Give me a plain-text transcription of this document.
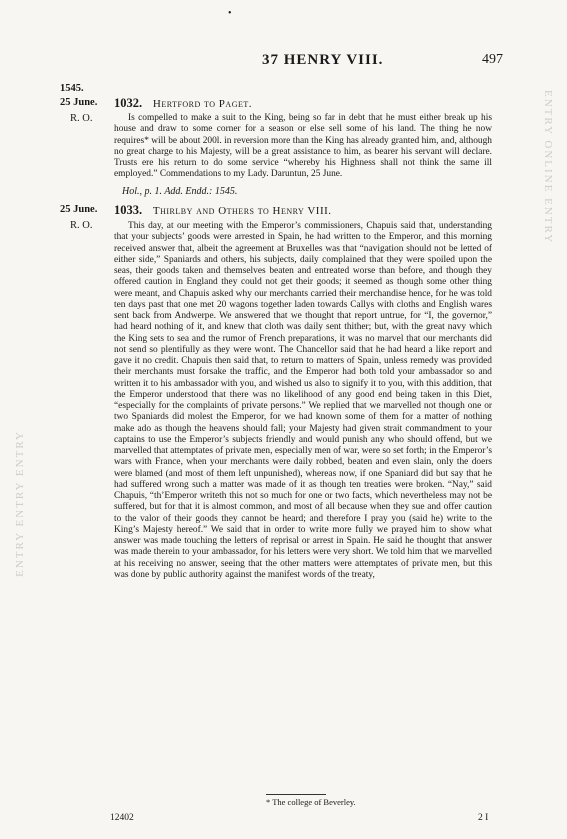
•
37 HENRY VIII.	497
ENTRY ENTRY ENTRY
ENTRY ONLINE ENTRY
1545.
25 June.
R. O.
1032. Hertford to Paget.

Is compelled to make a suit to the King, being so far in debt that he must either break up his house and draw to some corner for a season or else sell some of his land. The thing he now requires* will be about 200l. in reversion more than the King has already granted him, and, although no great charge to his Majesty, will be a great assistance to him, as bearer his servant will declare. Trusts ere his return to do some service “whereby his Highness shall not think the same ill employed.” Commendations to my Lady. Daruntun, 25 June.

Hol., p. 1. Add. Endd.: 1545.
25 June.
R. O.
1033. Thirlby and Others to Henry VIII.

This day, at our meeting with the Emperor’s commissioners, Chapuis said that, understanding that your subjects’ goods were arrested in Spain, he had written to the Emperor, and this morning received answer that, albeit the agreement at Bruxelles was that “navigation should not be letted of either side,” Spaniards and others, his subjects, daily complained that they were spoiled upon the seas, their goods taken and themselves beaten and entreated worse than before, and though they offered caution in England they could not get their goods; it seemed as though some other thing were meant, and Chapuis asked why our merchants carried their merchandise hence, for he was told ten days past that one met 20 wagons together laden towards Callys with cloths and English wares sent back from Andwerpe. We answered that we thought that report untrue, for “I, the governor,” had heard nothing of it, and knew that cloth was daily sent thither; but, with the great navy which the King sets to sea and the rumor of French preparations, it was no marvel that our merchants did not send so plentifully as they were wont. The Chancellor said that he had heard a like report and gave it no credit. Chapuis then said that, to return to matters of Spain, unless remedy was provided their merchants must forsake the traffic, and the Emperor had both told your ambassador so and written it to his ambassador with you, and wished us also to signify it to you, with this addition, that the Emperor understood that there was no likelihood of any good end being taken in this Diet, “especially for the complaints of private persons.” We replied that we marvelled not though one or two Spaniards did molest the Emperor, for we had known some of them for a matter of nothing make ado as though the heavens should fall; your Majesty had given strait commandment to your captains to use the Emperor’s subjects friendly and would punish any who should offend, but we marvelled that attemptates of private men, especially men of war, were so set forth; in the Emperor’s wars with France, when your merchants were daily robbed, beaten and even slain, only the doers were blamed (and most of them left unpunished), whereas now, if one Spaniard did but say that he had suffered wrong such a matter was made of it as though ten treaties were broken. “Nay,” said Chapuis, “th’Emperor writeth this not so much for one or two facts, which nevertheless may not be suffered, but for that it is almost common, and most of all because when they sue and offer caution to the valor of their goods they cannot be heard; and therefore I pray you (said he) write to the King’s Majesty hereof.” We said that in order to write more fully we prayed him to show what answer was made touching the letters of reprisal or arrest in Spain. He said he thought that answer was made therein to your ambassador, for his letters were very short. We told him that we marvelled at his receiving no answer, seeing that the other matters were attemptates of private men, but this was done by public authority against the manifest words of the treaty,

* The college of Beverley.
12402	2 I
